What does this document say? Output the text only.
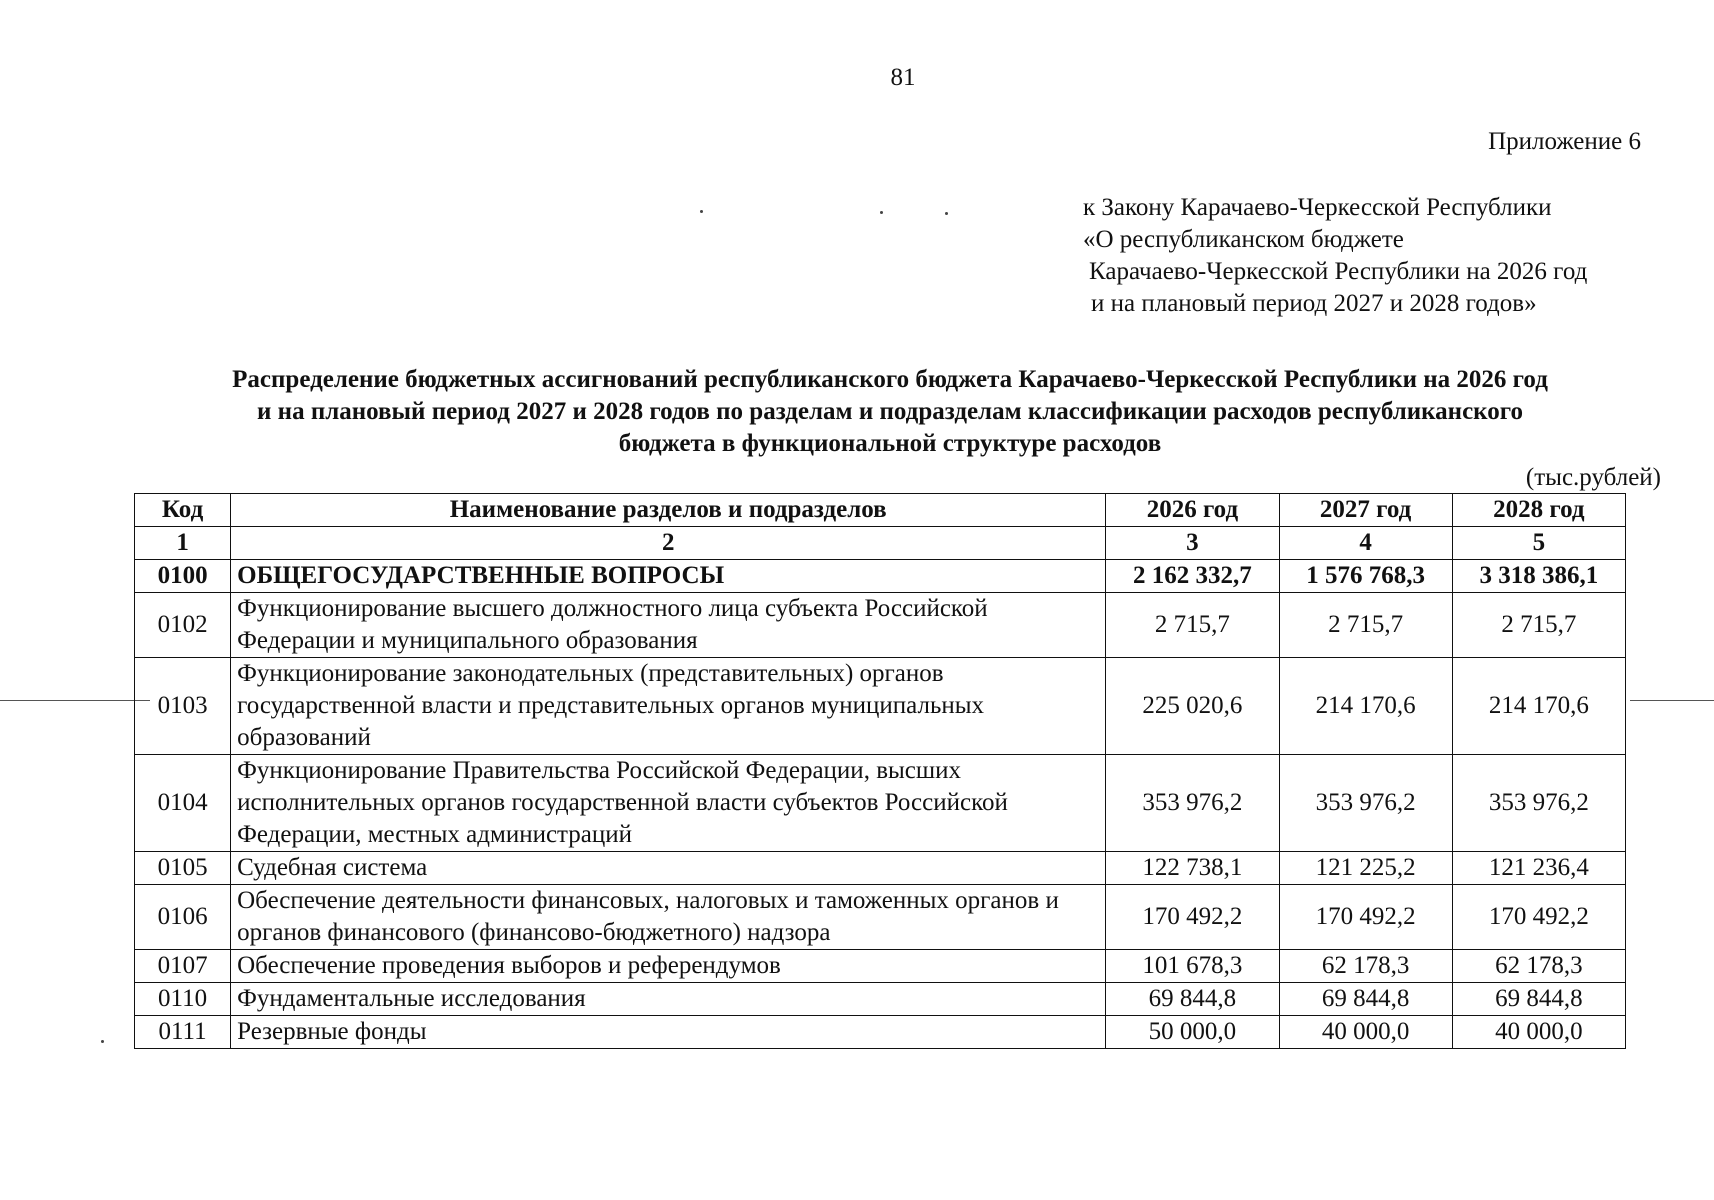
81
Приложение 6
к Закону Карачаево-Черкесской Республики
«О республиканском бюджете
Карачаево-Черкесской Республики на 2026 год
и на плановый период 2027 и 2028 годов»
Распределение бюджетных ассигнований республиканского бюджета Карачаево-Черкесской Республики на 2026 год
и на плановый период 2027 и 2028 годов по разделам и подразделам классификации расходов республиканского
бюджета в функциональной структуре расходов
(тыс.рублей)
Код	Наименование разделов и подразделов	2026 год	2027 год	2028 год
1	2	3	4	5
0100	ОБЩЕГОСУДАРСТВЕННЫЕ ВОПРОСЫ	2 162 332,7	1 576 768,3	3 318 386,1
0102	Функционирование высшего должностного лица субъекта Российской Федерации и муниципального образования	2 715,7	2 715,7	2 715,7
0103	Функционирование законодательных (представительных) органов государственной власти и представительных органов муниципальных образований	225 020,6	214 170,6	214 170,6
0104	Функционирование Правительства Российской Федерации, высших исполнительных органов государственной власти субъектов Российской Федерации, местных администраций	353 976,2	353 976,2	353 976,2
0105	Судебная система	122 738,1	121 225,2	121 236,4
0106	Обеспечение деятельности финансовых, налоговых и таможенных органов и органов финансового (финансово-бюджетного) надзора	170 492,2	170 492,2	170 492,2
0107	Обеспечение проведения выборов и референдумов	101 678,3	62 178,3	62 178,3
0110	Фундаментальные исследования	69 844,8	69 844,8	69 844,8
0111	Резервные фонды	50 000,0	40 000,0	40 000,0
